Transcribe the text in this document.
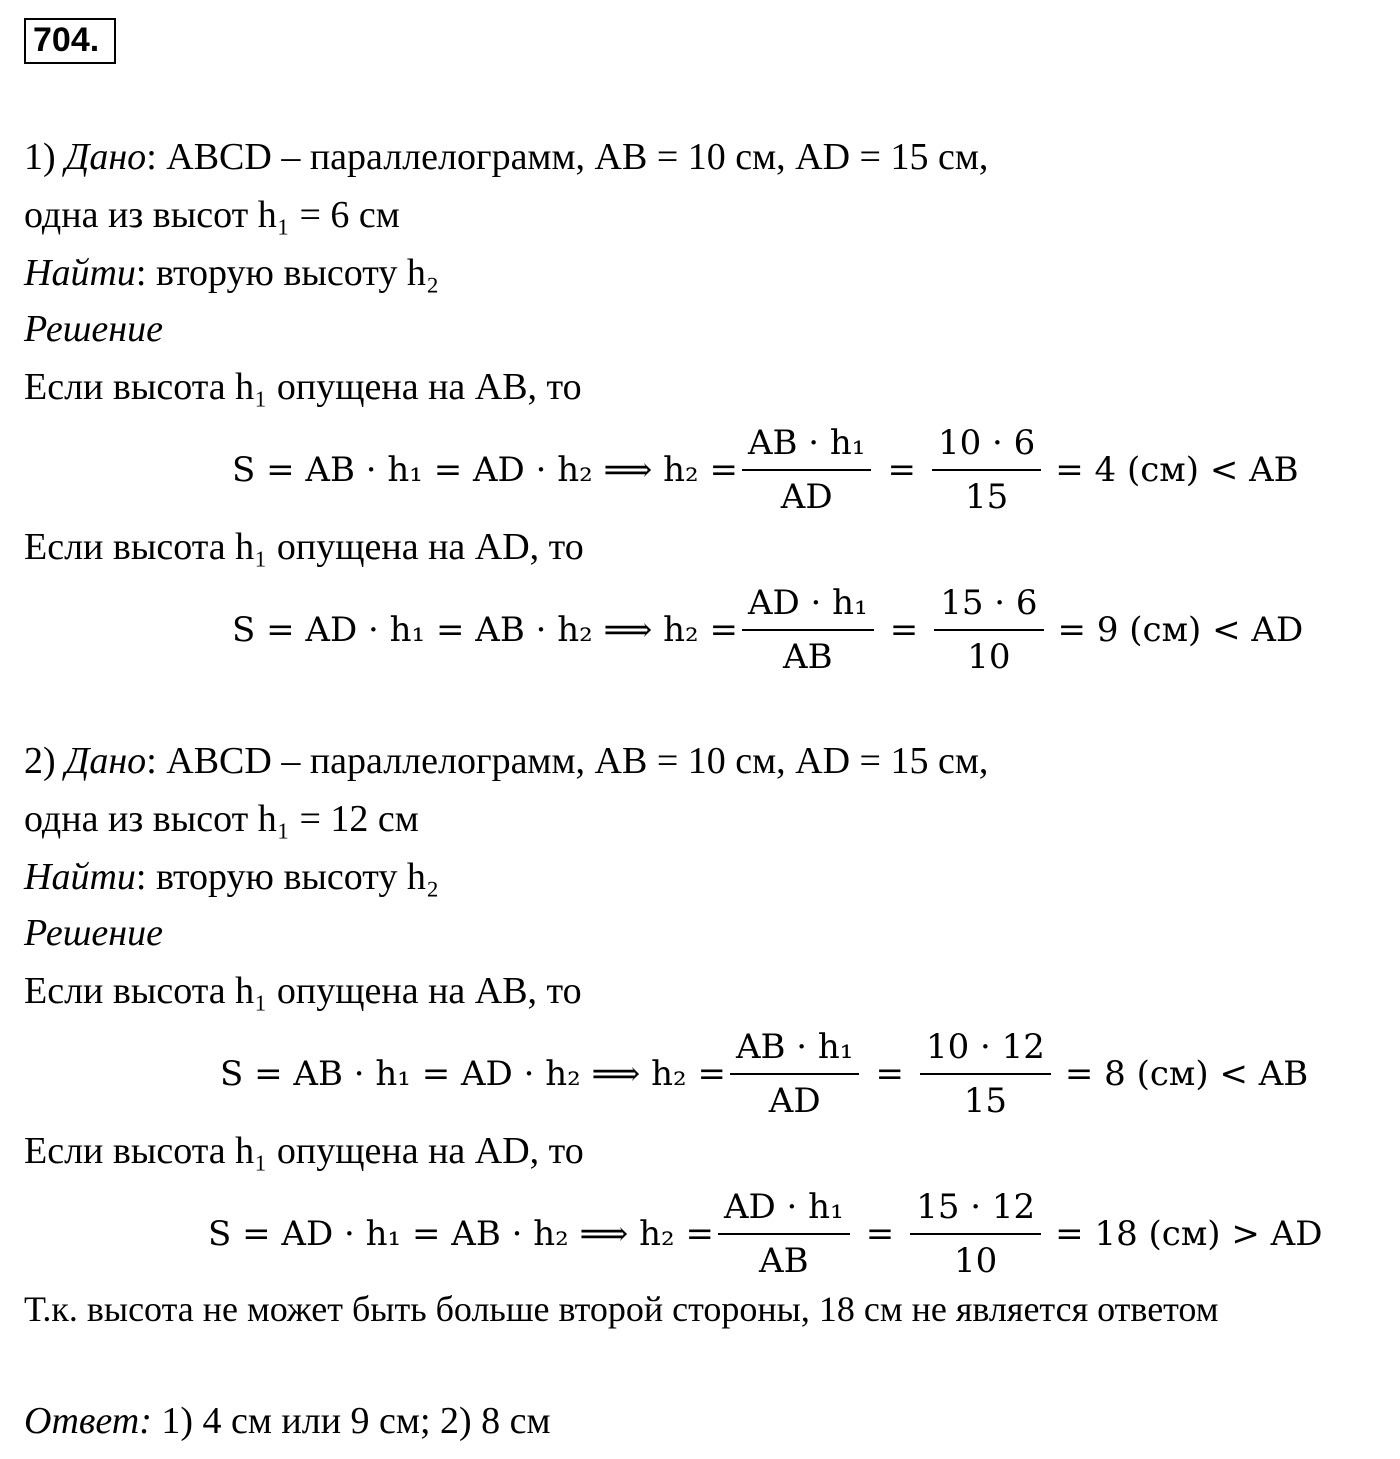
704.
1) Дано: ABCD – параллелограмм, AB = 10 см, AD = 15 см,
одна из высот h₁ = 6 см
Найти: вторую высоту h₂
Решение
Если высота h₁ опущена на AB, то
S = AB · h₁ = AD · h₂ ⟹ $h_2 = \frac{\text{AB · h₁}}{AD} = \frac{10 \cdot 6}{15} = 4$ (см) < AB
Если высота h₁ опущена на AD, то
S = AD · h₁ = AB · h₂ ⟹ $h_2 = \frac{\text{AD · h₁}}{AB} = \frac{15 \cdot 6}{10} = 9$ (см) < AD
2) Дано: ABCD – параллелограмм, AB = 10 см, AD = 15 см,
одна из высот h₁ = 12 см
Найти: вторую высоту h₂
Решение
Если высота h₁ опущена на AB, то
S = AB · h₁ = AD · h₂ ⟹ $h_2 = \frac{\text{AB · h₁}}{AD} = \frac{10 \cdot 12}{15} = 8$ (см) < AB
Если высота h₁ опущена на AD, то
S = AD · h₁ = AB · h₂ ⟹ $h_2 = \frac{\text{AD · h₁}}{AB} = \frac{15 \cdot 12}{10} = 18$ (см) > AD
Т.к. высота не может быть больше второй стороны, 18 см не является ответом
Ответ: 1) 4 см или 9 см; 2) 8 см
